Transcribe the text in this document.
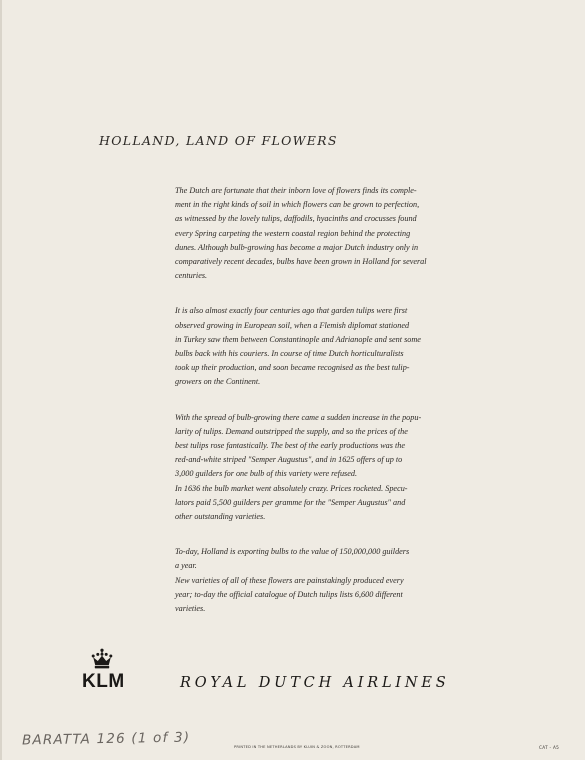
HOLLAND, LAND OF FLOWERS

The Dutch are fortunate that their inborn love of flowers finds its comple-

ment in the right kinds of soil in which flowers can be grown to perfection,

as witnessed by the lovely tulips, daffodils, hyacinths and crocusses found

every Spring carpeting the western coastal region behind the protecting

dunes. Although bulb-growing has become a major Dutch industry only in

comparatively recent decades, bulbs have been grown in Holland for several

centuries.

It is also almost exactly four centuries ago that garden tulips were first

observed growing in European soil, when a Flemish diplomat stationed

in Turkey saw them between Constantinople and Adrianople and sent some

bulbs back with his couriers. In course of time Dutch horticulturalists

took up their production, and soon became recognised as the best tulip-

growers on the Continent.

With the spread of bulb-growing there came a sudden increase in the popu-

larity of tulips. Demand outstripped the supply, and so the prices of the

best tulips rose fantastically. The best of the early productions was the

red-and-white striped "Semper Augustus", and in 1625 offers of up to

3,000 guilders for one bulb of this variety were refused.

In 1636 the bulb market went absolutely crazy. Prices rocketed. Specu-

lators paid 5,500 guilders per gramme for the "Semper Augustus" and

other outstanding varieties.

To-day, Holland is exporting bulbs to the value of 150,000,000 guilders

a year.

New varieties of all of these flowers are painstakingly produced every

year; to-day the official catalogue of Dutch tulips lists 6,600 different

varieties.

KLM	ROYAL DUTCH AIRLINES
BARATTA 126 (1 of 3)	PRINTED IN THE NETHERLANDS BY KLUIN & ZOON, ROTTERDAM	CAT - A5
